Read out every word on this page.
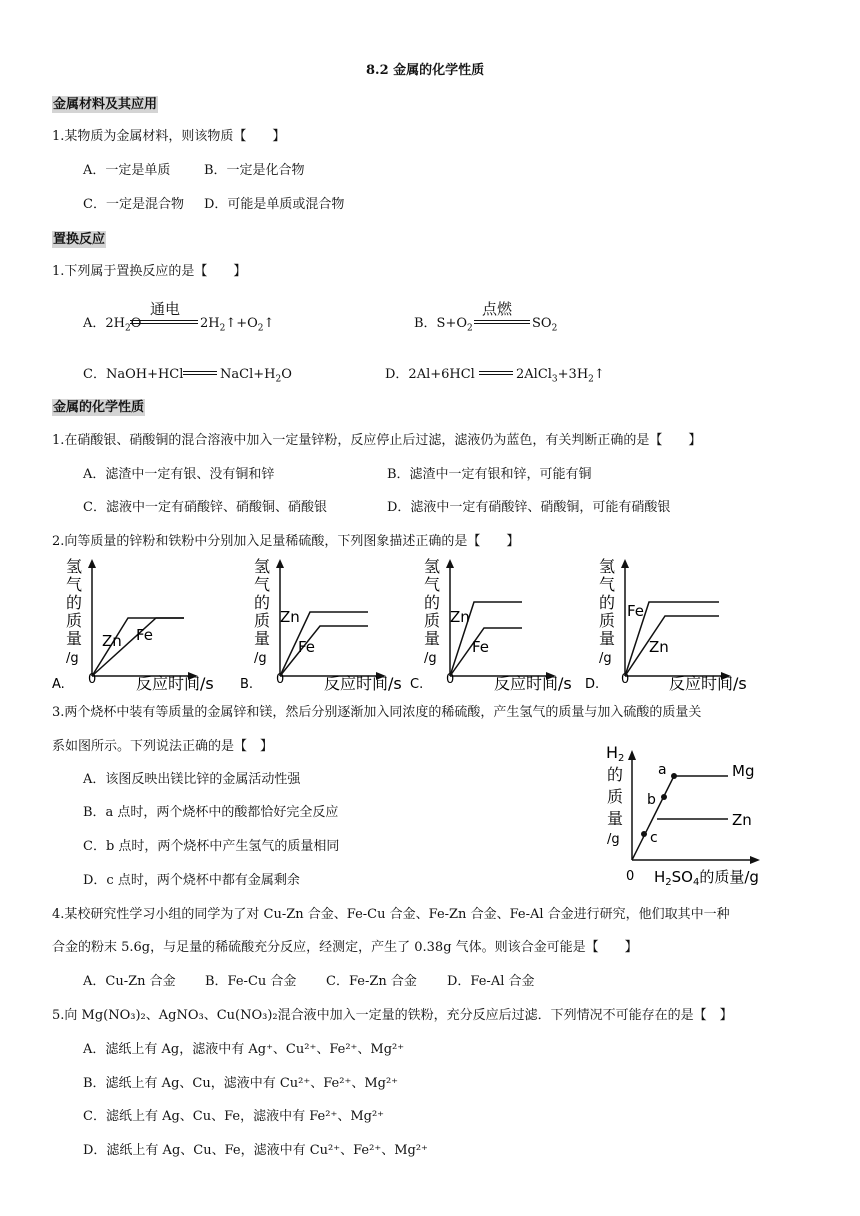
8.2 金属的化学性质
金属材料及其应用
1.某物质为金属材料，则该物质【　　】
A．一定是单质	B．一定是化合物
C．一定是混合物 D．可能是单质或混合物
置换反应
1.下列属于置换反应的是【　　】
A．$2H_2O$
通电
$2H_2↑+O_2↑$	B．$S+O_2$
点燃
$SO_2$
C．NaOH+HCl	$NaCl+H_2O$	D．2Al+6HCl	$2AlCl_3+3H_2↑$
金属的化学性质
1.在硝酸银、硝酸铜的混合溶液中加入一定量锌粉，反应停止后过滤，滤液仍为蓝色，有关判断正确的是【　　】
A．滤渣中一定有银、没有铜和锌	B．滤渣中一定有银和锌，可能有铜
C．滤液中一定有硝酸锌、硝酸铜、硝酸银	D．滤液中一定有硝酸锌、硝酸铜，可能有硝酸银
2.向等质量的锌粉和铁粉中分别加入足量稀硫酸，下列图象描述正确的是【　　】
氢
气
的
质
量
/g
0 反应时间/s
A.
Zn Fe
氢
气
的
质
量
/g
0 反应时间/s
B.
Zn
Fe
氢
气
的
质
量
/g
0 反应时间/s
C.
Zn
Fe
氢
气
的
质
量
/g
0 反应时间/s
D.
Fe
Zn
3.两个烧杯中装有等质量的金属锌和镁，然后分别逐渐加入同浓度的稀硫酸，产生氢气的质量与加入硫酸的质量关
系如图所示。下列说法正确的是【　】
A．该图反映出镁比锌的金属活动性强
B．a 点时，两个烧杯中的酸都恰好完全反应
C．b 点时，两个烧杯中产生氢气的质量相同
D．c 点时，两个烧杯中都有金属剩余
H2
的
质
量
/g
0 $H_2SO_4$的质量/g
a
b
c
Mg
Zn
4.某校研究性学习小组的同学为了对 Cu-Zn 合金、Fe-Cu 合金、Fe-Zn 合金、Fe-Al 合金进行研究，他们取其中一种
合金的粉末 5.6g，与足量的稀硫酸充分反应，经测定，产生了 0.38g 气体。则该合金可能是【　　】
A．Cu-Zn 合金 B．Fe-Cu 合金 C．Fe-Zn 合金 D．Fe-Al 合金
5.向 Mg(NO₃)₂、AgNO₃、Cu(NO₃)₂混合液中加入一定量的铁粉，充分反应后过滤．下列情况不可能存在的是【　】
A．滤纸上有 Ag，滤液中有 Ag⁺、Cu²⁺、Fe²⁺、Mg²⁺
B．滤纸上有 Ag、Cu，滤液中有 Cu²⁺、Fe²⁺、Mg²⁺
C．滤纸上有 Ag、Cu、Fe，滤液中有 Fe²⁺、Mg²⁺
D．滤纸上有 Ag、Cu、Fe，滤液中有 Cu²⁺、Fe²⁺、Mg²⁺
